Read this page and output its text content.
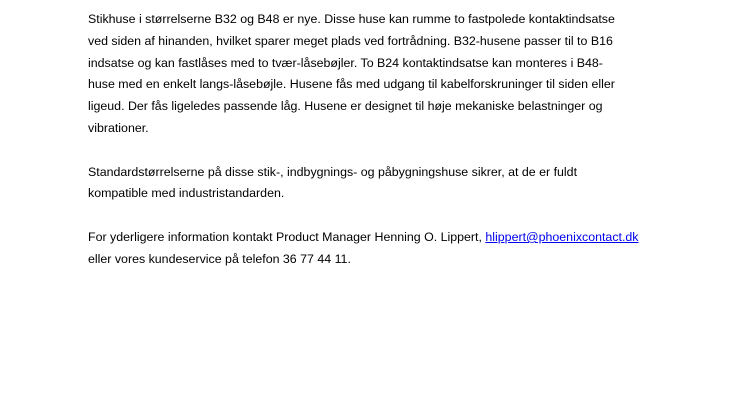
Stikhuse i størrelserne B32 og B48 er nye. Disse huse kan rumme to fastpolede kontaktindsatse
ved siden af hinanden, hvilket sparer meget plads ved fortrådning. B32-husene passer til to B16
indsatse og kan fastlåses med to tvær-låsebøjler. To B24 kontaktindsatse kan monteres i B48-
huse med en enkelt langs-låsebøjle. Husene fås med udgang til kabelforskruninger til siden eller
ligeud. Der fås ligeledes passende låg. Husene er designet til høje mekaniske belastninger og
vibrationer.

Standardstørrelserne på disse stik-, indbygnings- og påbygningshuse sikrer, at de er fuldt
kompatible med industristandarden.

For yderligere information kontakt Product Manager Henning O. Lippert, hlippert@phoenixcontact.dk
eller vores kundeservice på telefon 36 77 44 11.
